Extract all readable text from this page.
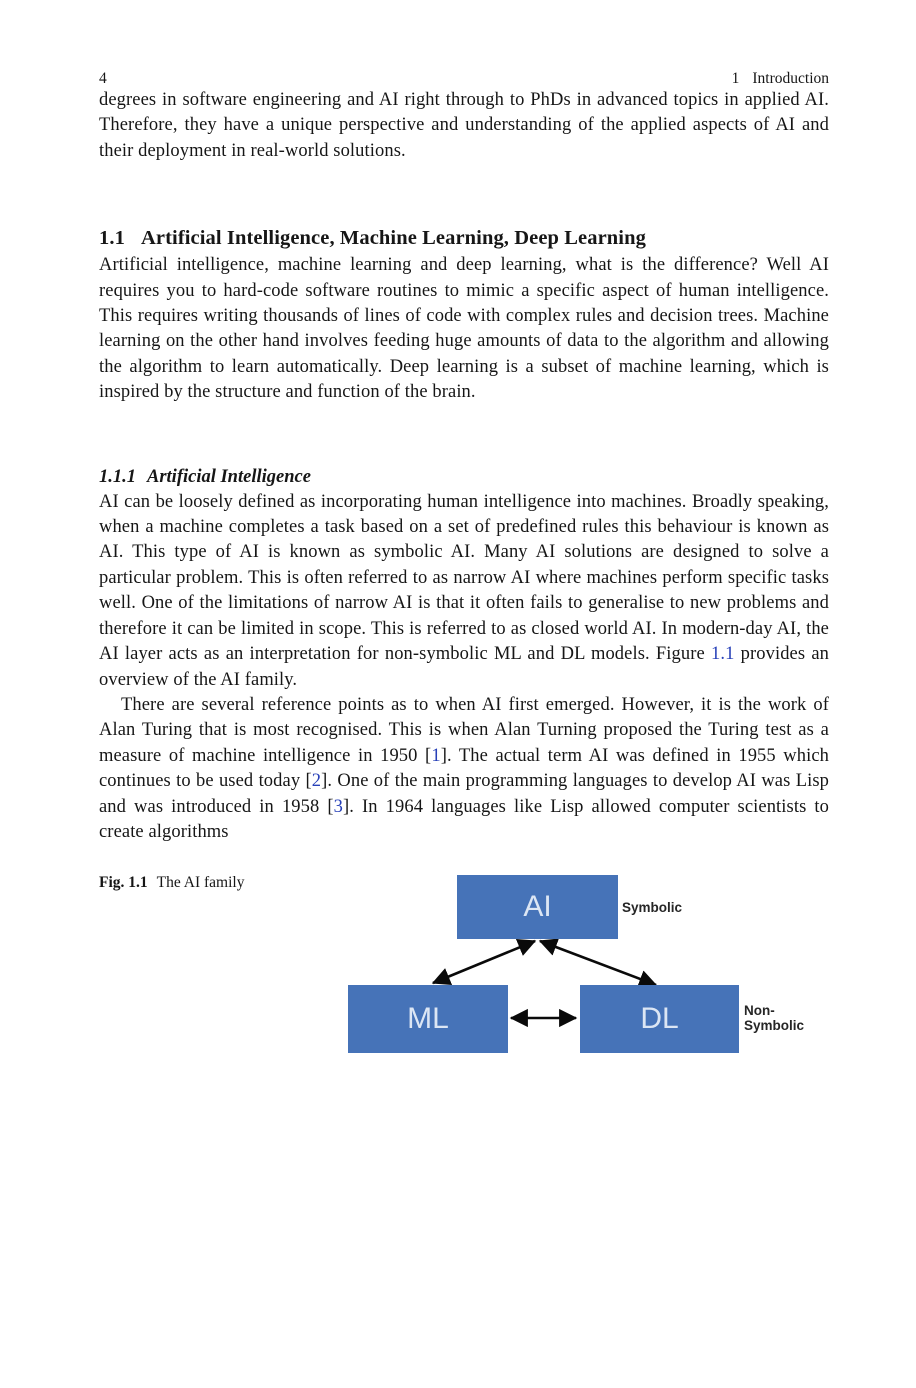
4	1 Introduction

degrees in software engineering and AI right through to PhDs in advanced topics in applied AI. Therefore, they have a unique perspective and understanding of the applied aspects of AI and their deployment in real-world solutions.

1.1 Artificial Intelligence, Machine Learning, Deep Learning

Artificial intelligence, machine learning and deep learning, what is the difference? Well AI requires you to hard-code software routines to mimic a specific aspect of human intelligence. This requires writing thousands of lines of code with complex rules and decision trees. Machine learning on the other hand involves feeding huge amounts of data to the algorithm and allowing the algorithm to learn automatically. Deep learning is a subset of machine learning, which is inspired by the structure and function of the brain.

1.1.1 Artificial Intelligence

AI can be loosely defined as incorporating human intelligence into machines. Broadly speaking, when a machine completes a task based on a set of predefined rules this behaviour is known as AI. This type of AI is known as symbolic AI. Many AI solutions are designed to solve a particular problem. This is often referred to as narrow AI where machines perform specific tasks well. One of the limitations of narrow AI is that it often fails to generalise to new problems and therefore it can be limited in scope. This is referred to as closed world AI. In modern-day AI, the AI layer acts as an interpretation for non-symbolic ML and DL models. Figure 1.1 provides an overview of the AI family.

There are several reference points as to when AI first emerged. However, it is the work of Alan Turing that is most recognised. This is when Alan Turning proposed the Turing test as a measure of machine intelligence in 1950 [1]. The actual term AI was defined in 1955 which continues to be used today [2]. One of the main programming languages to develop AI was Lisp and was introduced in 1958 [3]. In 1964 languages like Lisp allowed computer scientists to create algorithms

Fig. 1.1 The AI family
AI
ML	DL
Symbolic
Non-
Symbolic
